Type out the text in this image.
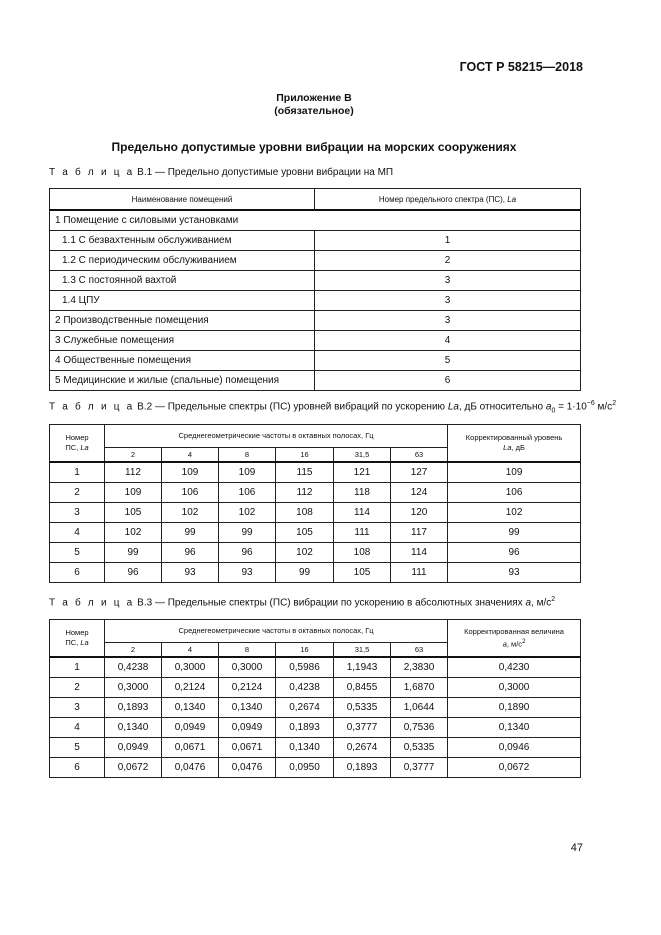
ГОСТ Р 58215—2018
Приложение В
(обязательное)
Предельно допустимые уровни вибрации на морских сооружениях
Т а б л и ц а В.1 — Предельно допустимые уровни вибрации на МП
Наименование помещений	Номер предельного спектра (ПС), La
1 Помещение с силовыми установками	
1.1 С безвахтенным обслуживанием	1
1.2 С периодическим обслуживанием	2
1.3 С постоянной вахтой	3
1.4 ЦПУ	3
2 Производственные помещения	3
3 Служебные помещения	4
4 Общественные помещения	5
5 Медицинские и жилые (спальные) помещения	6
Т а б л и ц а В.2 — Предельные спектры (ПС) уровней вибраций по ускорению La, дБ относительно $a_0 = 1\cdot 10^{-6}$ $м/с^2$
Номер
ПС, La	Среднегеометрические частоты в октавных полосах, Гц						Корректированный уровень
La, дБ
	2	4	8	16	31,5	63	
1	112	109	109	115	121	127	109
2	109	106	106	112	118	124	106
3	105	102	102	108	114	120	102
4	102	99	99	105	111	117	99
5	99	96	96	102	108	114	96
6	96	93	93	99	105	111	93
Т а б л и ц а В.3 — Предельные спектры (ПС) вибрации по ускорению в абсолютных значениях a, $м/с^2$
Номер
ПС, La	Среднегеометрические частоты в октавных полосах, Гц						Корректированная величина
a, $м/с^2$
	2	4	8	16	31,5	63	
1	0,4238	0,3000	0,3000	0,5986	1,1943	2,3830	0,4230
2	0,3000	0,2124	0,2124	0,4238	0,8455	1,6870	0,3000
3	0,1893	0,1340	0,1340	0,2674	0,5335	1,0644	0,1890
4	0,1340	0,0949	0,0949	0,1893	0,3777	0,7536	0,1340
5	0,0949	0,0671	0,0671	0,1340	0,2674	0,5335	0,0946
6	0,0672	0,0476	0,0476	0,0950	0,1893	0,3777	0,0672
47
